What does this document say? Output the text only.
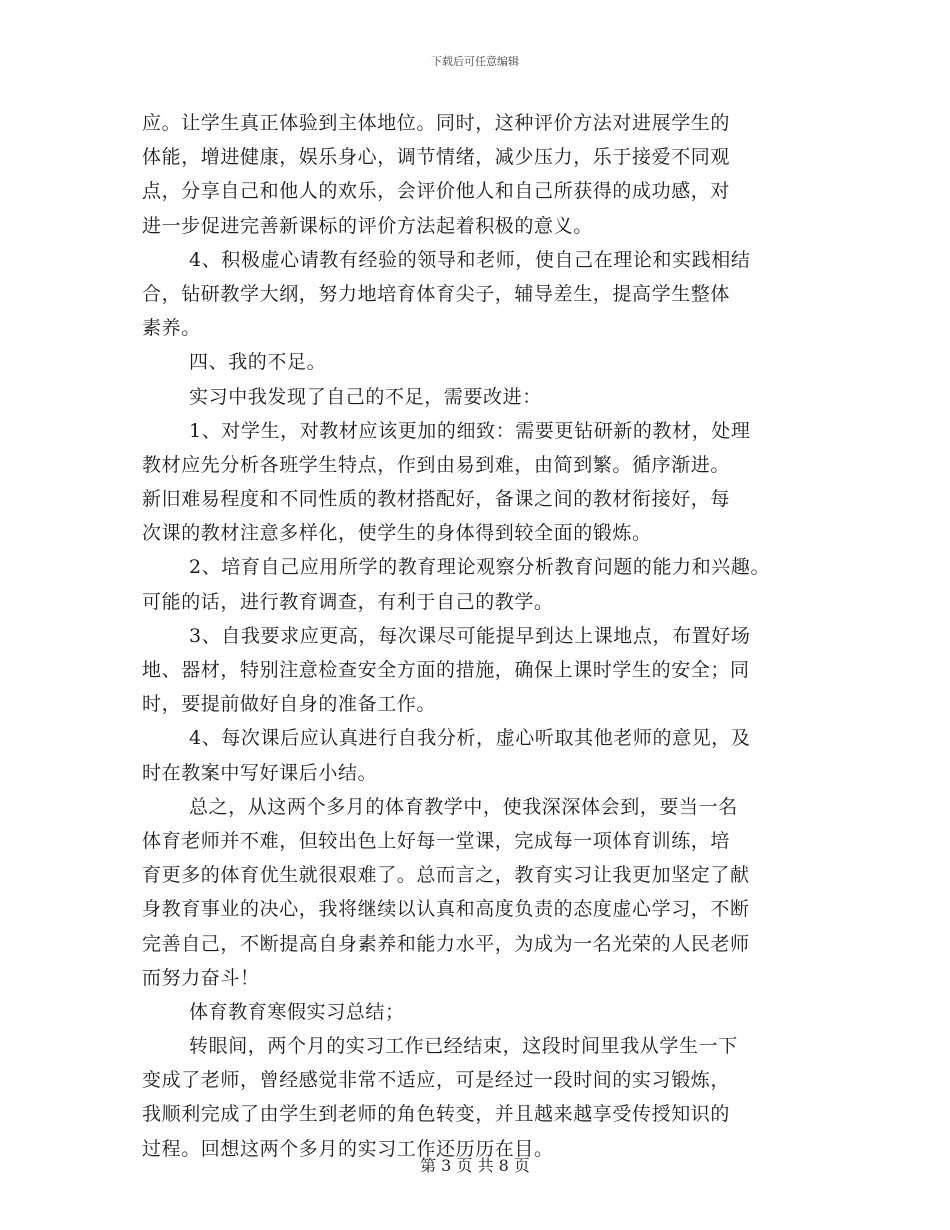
下载后可任意编辑
应。让学生真正体验到主体地位。同时，这种评价方法对进展学生的
体能，增进健康，娱乐身心，调节情绪，减少压力，乐于接爱不同观
点，分享自己和他人的欢乐，会评价他人和自己所获得的成功感，对
进一步促进完善新课标的评价方法起着积极的意义。
4、积极虚心请教有经验的领导和老师，使自己在理论和实践相结
合，钻研教学大纲，努力地培育体育尖子，辅导差生，提高学生整体
素养。
四、我的不足。
实习中我发现了自己的不足，需要改进：
1、对学生，对教材应该更加的细致：需要更钻研新的教材，处理
教材应先分析各班学生特点，作到由易到难，由简到繁。循序渐进。
新旧难易程度和不同性质的教材搭配好，备课之间的教材衔接好，每
次课的教材注意多样化，使学生的身体得到较全面的锻炼。
2、培育自己应用所学的教育理论观察分析教育问题的能力和兴趣。
可能的话，进行教育调查，有利于自己的教学。
3、自我要求应更高，每次课尽可能提早到达上课地点，布置好场
地、器材，特别注意检查安全方面的措施，确保上课时学生的安全；同
时，要提前做好自身的准备工作。
4、每次课后应认真进行自我分析，虚心听取其他老师的意见，及
时在教案中写好课后小结。
总之，从这两个多月的体育教学中，使我深深体会到，要当一名
体育老师并不难，但较出色上好每一堂课，完成每一项体育训练，培
育更多的体育优生就很艰难了。总而言之，教育实习让我更加坚定了献
身教育事业的决心，我将继续以认真和高度负责的态度虚心学习，不断
完善自己，不断提高自身素养和能力水平，为成为一名光荣的人民老师
而努力奋斗！
体育教育寒假实习总结；
转眼间，两个月的实习工作已经结束，这段时间里我从学生一下
变成了老师，曾经感觉非常不适应，可是经过一段时间的实习锻炼，
我顺利完成了由学生到老师的角色转变，并且越来越享受传授知识的
过程。回想这两个多月的实习工作还历历在目。
第 3 页 共 8 页
